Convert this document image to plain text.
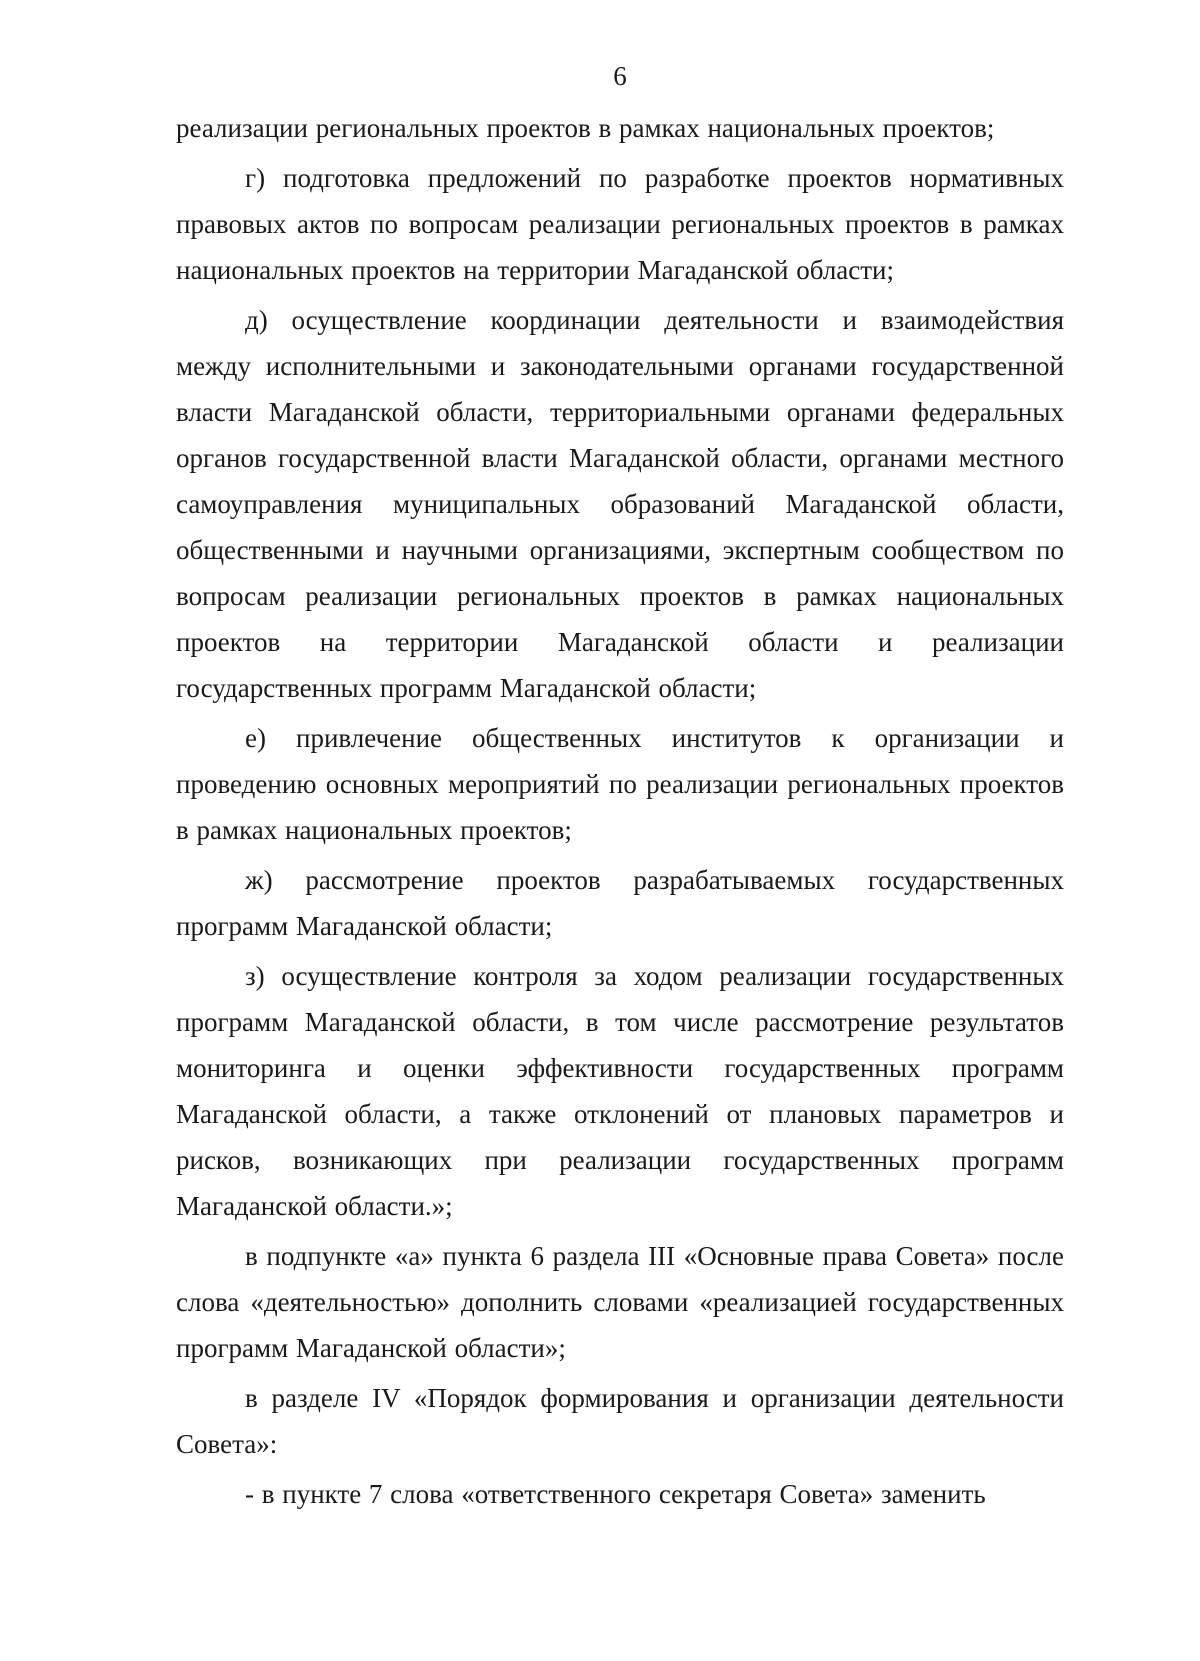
6

реализации региональных проектов в рамках национальных проектов;

г) подготовка предложений по разработке проектов нормативных правовых актов по вопросам реализации региональных проектов в рамках национальных проектов на территории Магаданской области;

д) осуществление координации деятельности и взаимодействия между исполнительными и законодательными органами государственной власти Магаданской области, территориальными органами федеральных органов государственной власти Магаданской области, органами местного самоуправления муниципальных образований Магаданской области, общественными и научными организациями, экспертным сообществом по вопросам реализации региональных проектов в рамках национальных проектов на территории Магаданской области и реализации государственных программ Магаданской области;

е) привлечение общественных институтов к организации и проведению основных мероприятий по реализации региональных проектов в рамках национальных проектов;

ж) рассмотрение проектов разрабатываемых государственных программ Магаданской области;

з) осуществление контроля за ходом реализации государственных программ Магаданской области, в том числе рассмотрение результатов мониторинга и оценки эффективности государственных программ Магаданской области, а также отклонений от плановых параметров и рисков, возникающих при реализации государственных программ Магаданской области.»;

в подпункте «а» пункта 6 раздела III «Основные права Совета» после слова «деятельностью» дополнить словами «реализацией государственных программ Магаданской области»;

в разделе IV «Порядок формирования и организации деятельности Совета»:

- в пункте 7 слова «ответственного секретаря Совета» заменить
